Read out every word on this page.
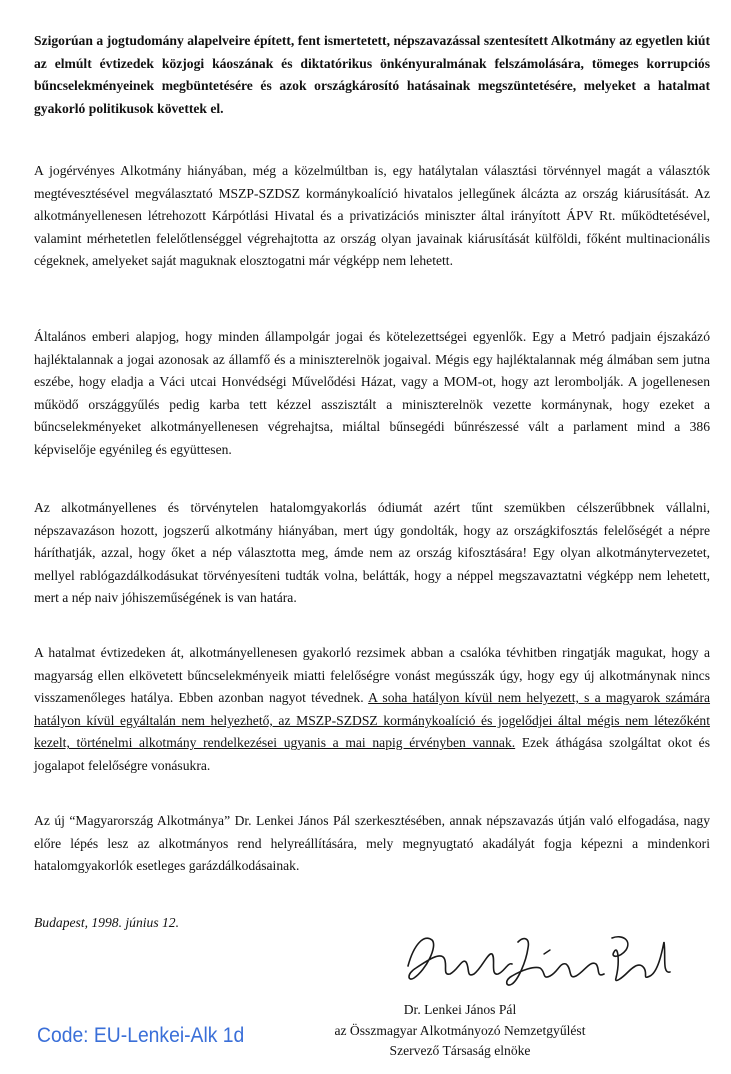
Szigorúan a jogtudomány alapelveire épített, fent ismertetett, népszavazással szentesített Alkotmány az egyetlen kiút az elmúlt évtizedek közjogi káoszának és diktatórikus önkényuralmának felszámolására, tömeges korrupciós bűncselekményeinek megbüntetésére és azok országkárosító hatásainak megszüntetésére, melyeket a hatalmat gyakorló politikusok követtek el.

A jogérvényes Alkotmány hiányában, még a közelmúltban is, egy hatálytalan választási törvénnyel magát a választók megtévesztésével megválasztató MSZP-SZDSZ kormánykoalíció hivatalos jellegűnek álcázta az ország kiárusítását. Az alkotmányellenesen létrehozott Kárpótlási Hivatal és a privatizációs miniszter által irányított ÁPV Rt. működtetésével, valamint mérhetetlen felelőtlenséggel végrehajtotta az ország olyan javainak kiárusítását külföldi, főként multinacionális cégeknek, amelyeket saját maguknak elosztogatni már végképp nem lehetett.

Általános emberi alapjog, hogy minden állampolgár jogai és kötelezettségei egyenlők. Egy a Metró padjain éjszakázó hajléktalannak a jogai azonosak az államfő és a miniszterelnök jogaival. Mégis egy hajléktalannak még álmában sem jutna eszébe, hogy eladja a Váci utcai Honvédségi Művelődési Házat, vagy a MOM-ot, hogy azt lerombolják. A jogellenesen működő országgyűlés pedig karba tett kézzel asszisztált a miniszterelnök vezette kormánynak, hogy ezeket a bűncselekményeket alkotmányellenesen végrehajtsa, miáltal bűnsegédi bűnrészessé vált a parlament mind a 386 képviselője egyénileg és együttesen.

Az alkotmányellenes és törvénytelen hatalomgyakorlás ódiumát azért tűnt szemükben célszerűbbnek vállalni, népszavazáson hozott, jogszerű alkotmány hiányában, mert úgy gondolták, hogy az országkifosztás felelőségét a népre háríthatják, azzal, hogy őket a nép választotta meg, ámde nem az ország kifosztására! Egy olyan alkotmánytervezetet, mellyel rablógazdálkodásukat törvényesíteni tudták volna, belátták, hogy a néppel megszavaztatni végképp nem lehetett, mert a nép naiv jóhiszeműségének is van határa.

A hatalmat évtizedeken át, alkotmányellenesen gyakorló rezsimek abban a csalóka tévhitben ringatják magukat, hogy a magyarság ellen elkövetett bűncselekményeik miatti felelőségre vonást megússzák úgy, hogy egy új alkotmánynak nincs visszamenőleges hatálya. Ebben azonban nagyot tévednek. A soha hatályon kívül nem helyezett, s a magyarok számára hatályon kívül egyáltalán nem helyezhető, az MSZP-SZDSZ kormánykoalíció és jogelődjei által mégis nem létezőként kezelt, történelmi alkotmány rendelkezései ugyanis a mai napig érvényben vannak. Ezek áthágása szolgáltat okot és jogalapot felelőségre vonásukra.

Az új “Magyarország Alkotmánya” Dr. Lenkei János Pál szerkesztésében, annak népszavazás útján való elfogadása, nagy előre lépés lesz az alkotmányos rend helyreállítására, mely megnyugtató akadályát fogja képezni a mindenkori hatalomgyakorlók esetleges garázdálkodásainak.

Budapest, 1998. június 12.
Dr. Lenkei János Pál
az Összmagyar Alkotmányozó Nemzetgyűlést
Szervező Társaság elnöke
Code: EU-Lenkei-Alk 1d
